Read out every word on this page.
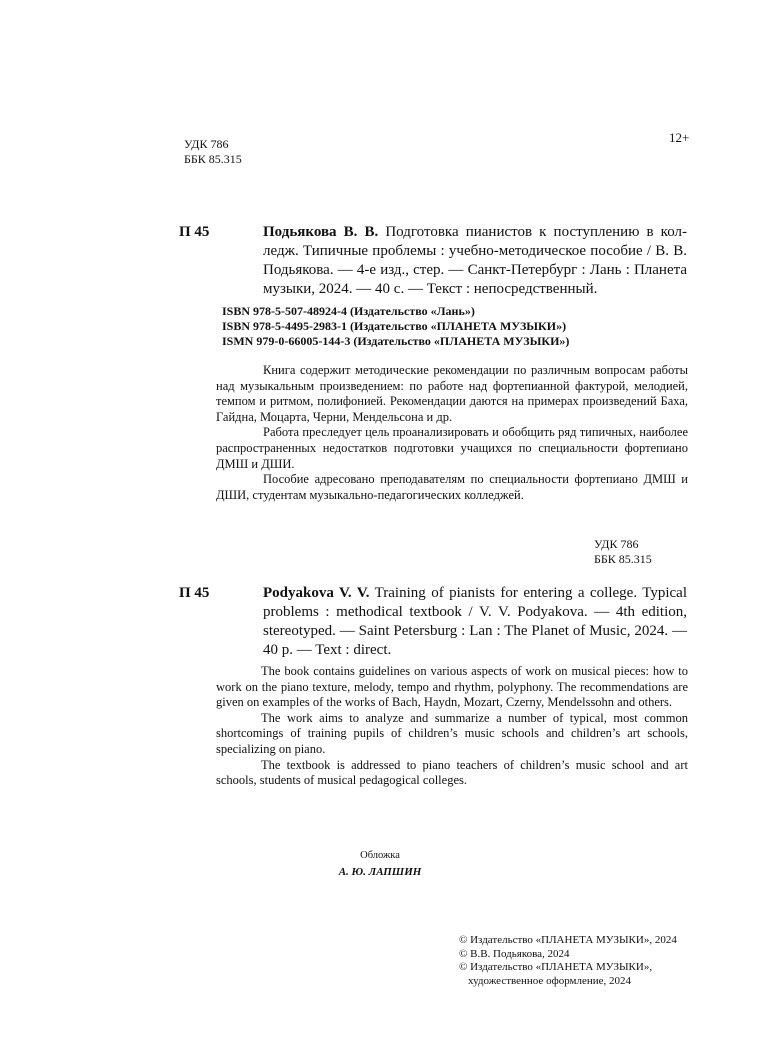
УДК 786
ББК 85.315
12+
П 45	Подьякова В. В. Подготовка пианистов к поступлению в колледж. Типичные проблемы : учебно-методическое пособие / В. В. Подьякова. — 4-е изд., стер. — Санкт-Петербург : Лань : Планета музыки, 2024. — 40 с. — Текст : непосредственный.
ISBN 978-5-507-48924-4 (Издательство «Лань»)
ISBN 978-5-4495-2983-1 (Издательство «ПЛАНЕТА МУЗЫКИ»)
ISMN 979-0-66005-144-3 (Издательство «ПЛАНЕТА МУЗЫКИ»)

Книга содержит методические рекомендации по различным вопросам работы над музыкальным произведением: по работе над фортепианной фактурой, мелодией, темпом и ритмом, полифонией. Рекомендации даются на примерах произведений Баха, Гайдна, Моцарта, Черни, Мендельсона и др.

Работа преследует цель проанализировать и обобщить ряд типичных, наиболее распространенных недостатков подготовки учащихся по специальности фортепиано ДМШ и ДШИ.

Пособие адресовано преподавателям по специальности фортепиано ДМШ и ДШИ, студентам музыкально-педагогических колледжей.

УДК 786
ББК 85.315
П 45	Podyakova V. V. Training of pianists for entering a college. Typical problems : methodical textbook / V. V. Podyakova. — 4th edition, stereotyped. — Saint Petersburg : Lan : The Planet of Music, 2024. — 40 p. — Text : direct.

The book contains guidelines on various aspects of work on musical pieces: how to work on the piano texture, melody, tempo and rhythm, polyphony. The recommendations are given on examples of the works of Bach, Haydn, Mozart, Czerny, Mendelssohn and others.

The work aims to analyze and summarize a number of typical, most common shortcomings of training pupils of children’s music schools and children’s art schools, specializing on piano.

The textbook is addressed to piano teachers of children’s music school and art schools, students of musical pedagogical colleges.

Обложка
А. Ю. ЛАПШИН
© Издательство «ПЛАНЕТА МУЗЫКИ», 2024
© В.В. Подьякова, 2024
© Издательство «ПЛАНЕТА МУЗЫКИ»,
художественное оформление, 2024
